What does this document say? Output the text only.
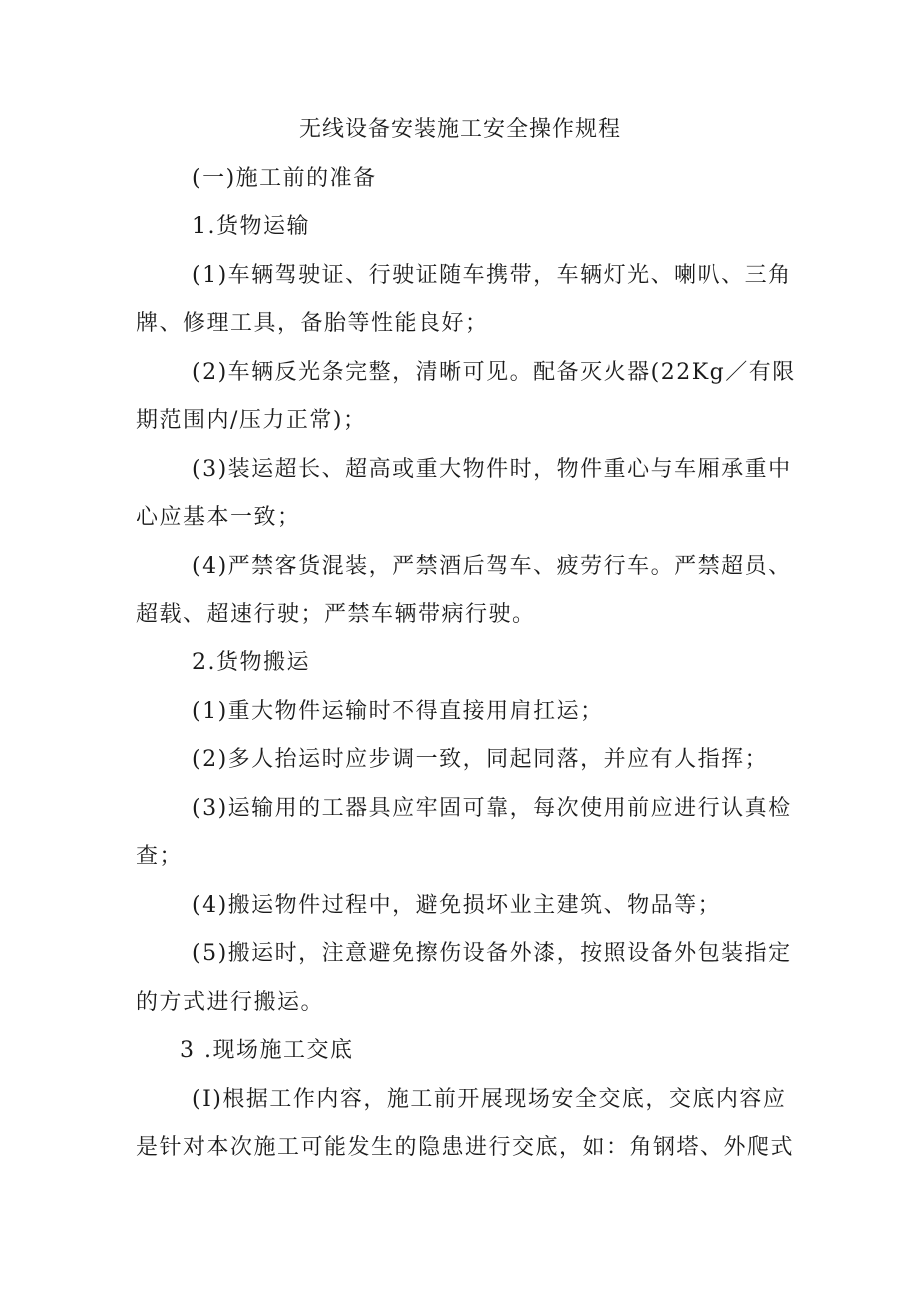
无线设备安装施工安全操作规程
(一)施工前的准备
1.货物运输
(1)车辆驾驶证、行驶证随车携带，车辆灯光、喇叭、三角
牌、修理工具，备胎等性能良好；
(2)车辆反光条完整，清晰可见。配备灭火器(22Kg／有限
期范围内/压力正常)；
(3)装运超长、超高或重大物件时，物件重心与车厢承重中
心应基本一致；
(4)严禁客货混装，严禁酒后驾车、疲劳行车。严禁超员、
超载、超速行驶；严禁车辆带病行驶。
2.货物搬运
(1)重大物件运输时不得直接用肩扛运；
(2)多人抬运时应步调一致，同起同落，并应有人指挥；
(3)运输用的工器具应牢固可靠，每次使用前应进行认真检
查；
(4)搬运物件过程中，避免损坏业主建筑、物品等；
(5)搬运时，注意避免擦伤设备外漆，按照设备外包装指定
的方式进行搬运。
3 .现场施工交底
(I)根据工作内容，施工前开展现场安全交底，交底内容应
是针对本次施工可能发生的隐患进行交底，如：角钢塔、外爬式
